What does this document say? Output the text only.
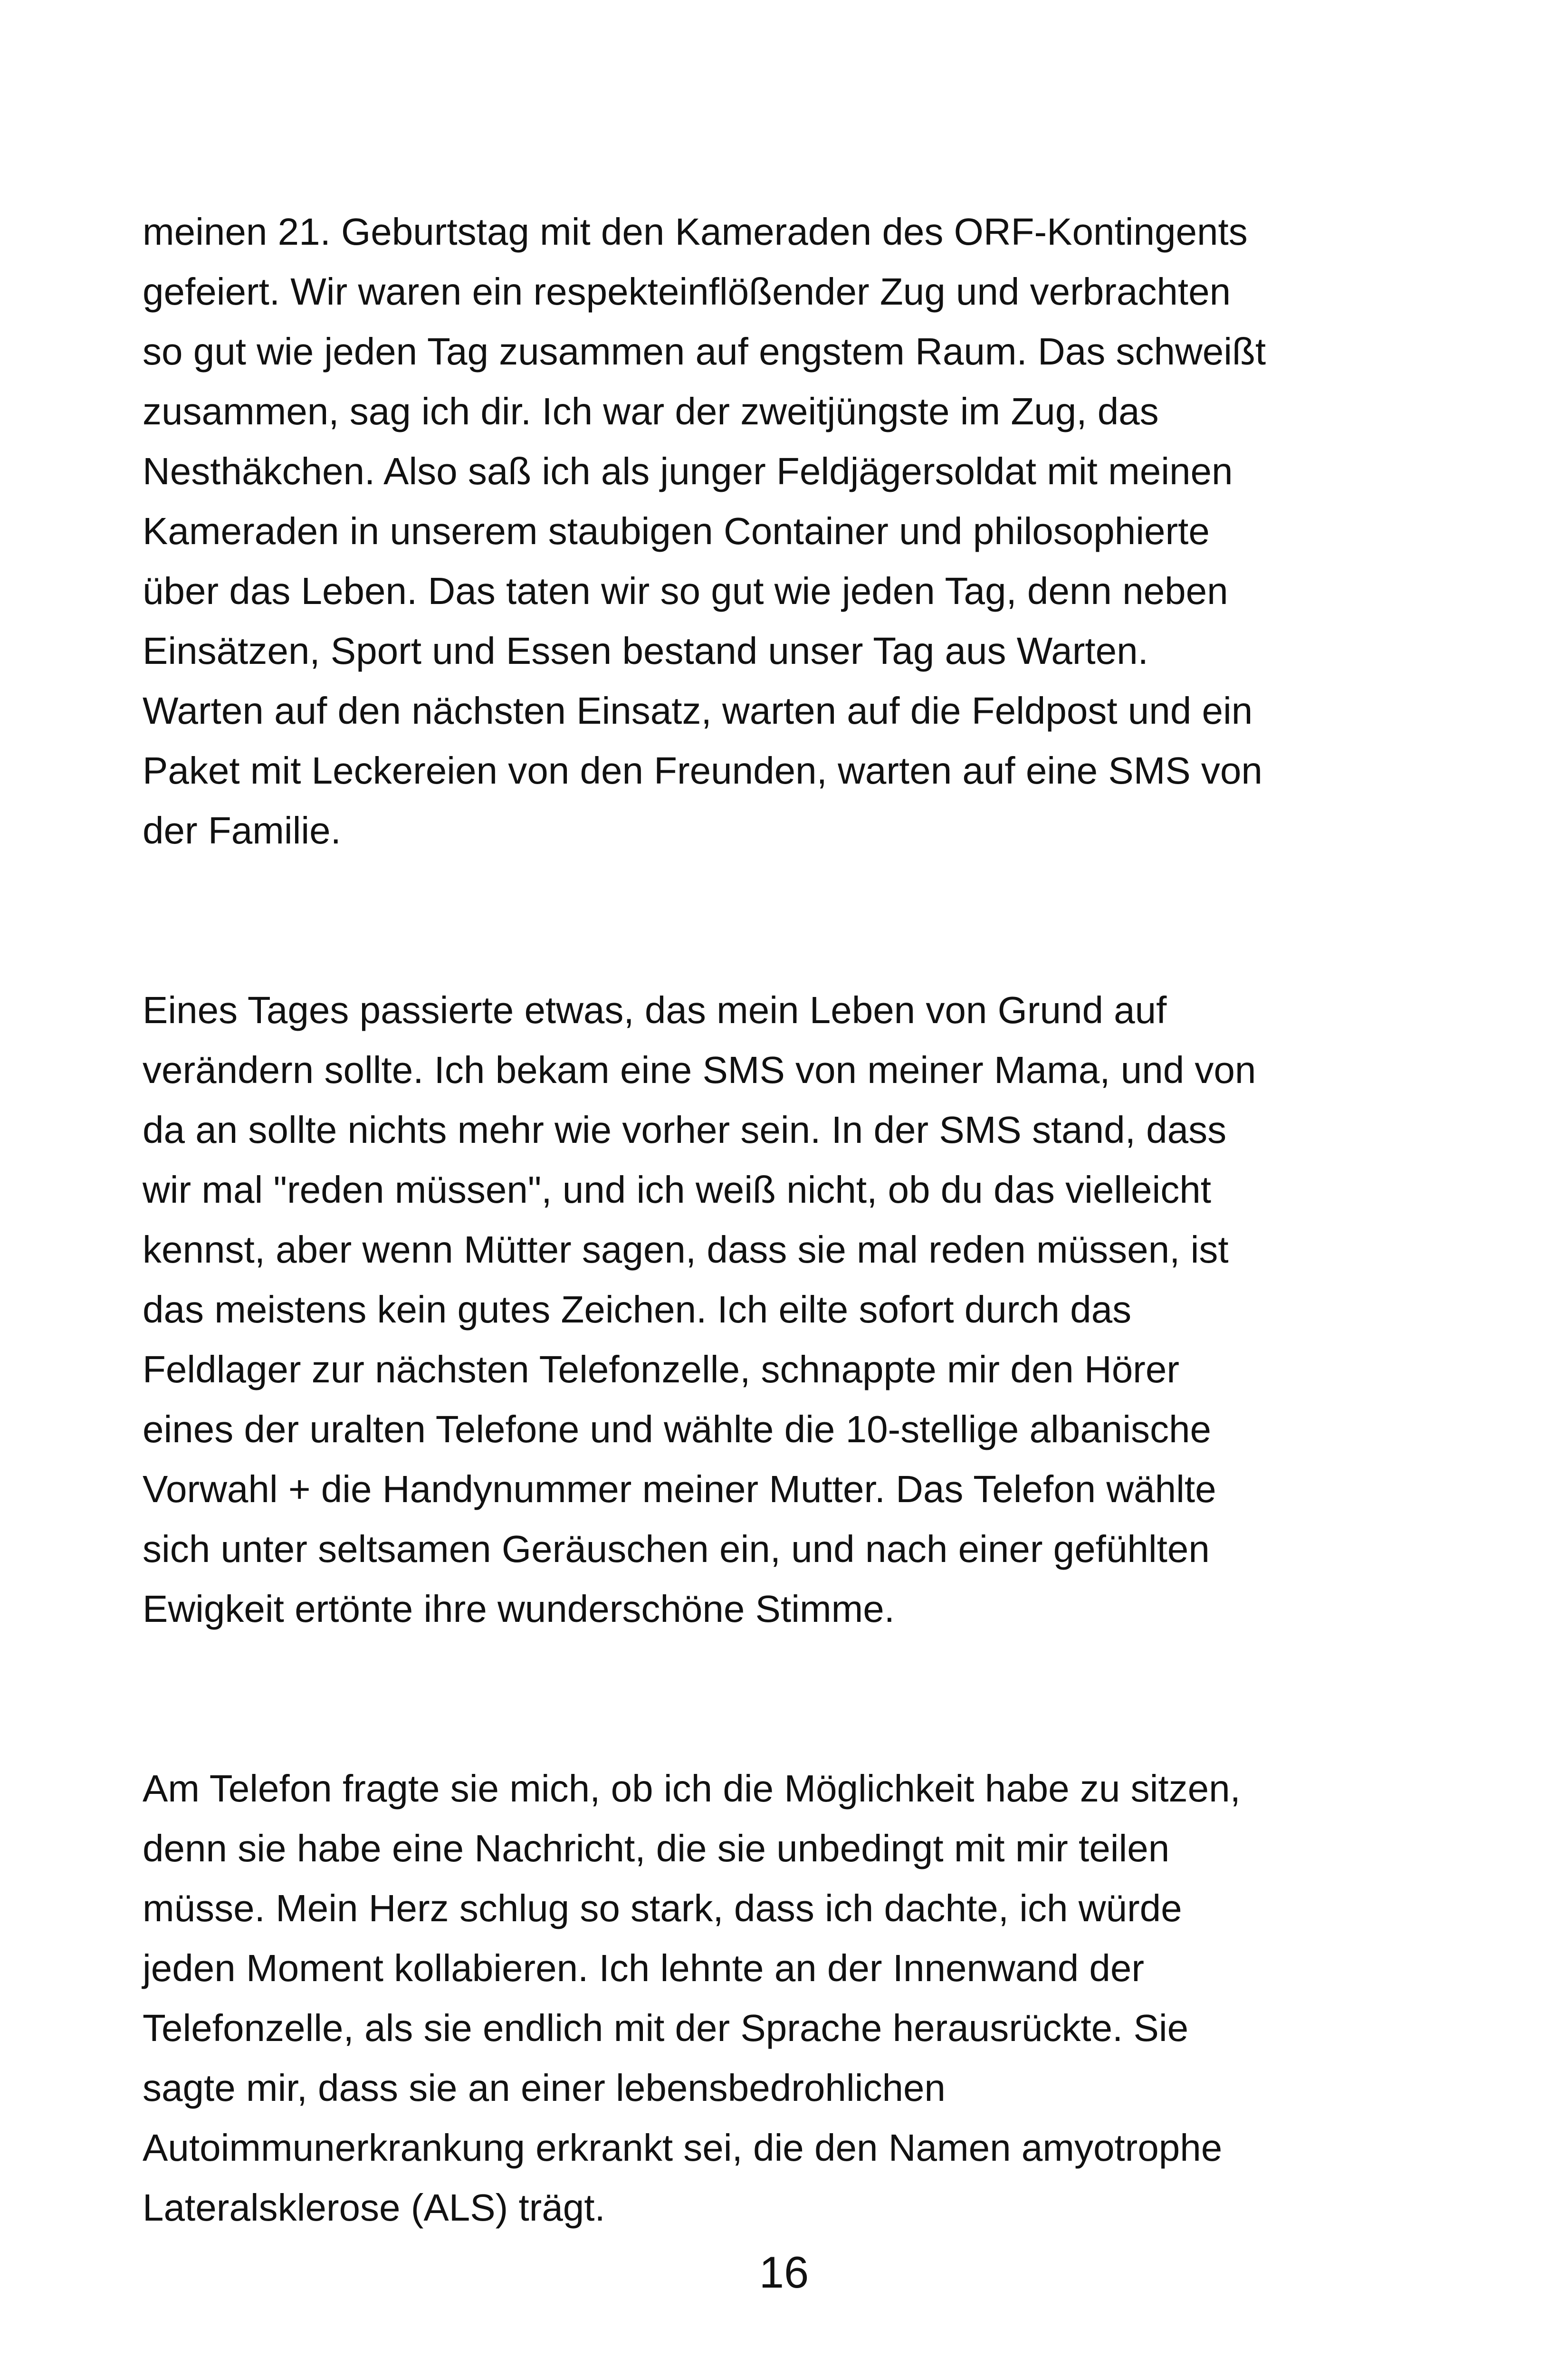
meinen 21. Geburtstag mit den Kameraden des ORF-Kontingents
gefeiert. Wir waren ein respekteinflößender Zug und verbrachten
so gut wie jeden Tag zusammen auf engstem Raum. Das schweißt
zusammen, sag ich dir. Ich war der zweitjüngste im Zug, das
Nesthäkchen. Also saß ich als junger Feldjägersoldat mit meinen
Kameraden in unserem staubigen Container und philosophierte
über das Leben. Das taten wir so gut wie jeden Tag, denn neben
Einsätzen, Sport und Essen bestand unser Tag aus Warten.
Warten auf den nächsten Einsatz, warten auf die Feldpost und ein
Paket mit Leckereien von den Freunden, warten auf eine SMS von
der Familie.
Eines Tages passierte etwas, das mein Leben von Grund auf
verändern sollte. Ich bekam eine SMS von meiner Mama, und von
da an sollte nichts mehr wie vorher sein. In der SMS stand, dass
wir mal "reden müssen", und ich weiß nicht, ob du das vielleicht
kennst, aber wenn Mütter sagen, dass sie mal reden müssen, ist
das meistens kein gutes Zeichen. Ich eilte sofort durch das
Feldlager zur nächsten Telefonzelle, schnappte mir den Hörer
eines der uralten Telefone und wählte die 10-stellige albanische
Vorwahl + die Handynummer meiner Mutter. Das Telefon wählte
sich unter seltsamen Geräuschen ein, und nach einer gefühlten
Ewigkeit ertönte ihre wunderschöne Stimme.
Am Telefon fragte sie mich, ob ich die Möglichkeit habe zu sitzen,
denn sie habe eine Nachricht, die sie unbedingt mit mir teilen
müsse. Mein Herz schlug so stark, dass ich dachte, ich würde
jeden Moment kollabieren. Ich lehnte an der Innenwand der
Telefonzelle, als sie endlich mit der Sprache herausrückte. Sie
sagte mir, dass sie an einer lebensbedrohlichen
Autoimmunerkrankung erkrankt sei, die den Namen amyotrophe
Lateralsklerose (ALS) trägt.
16
